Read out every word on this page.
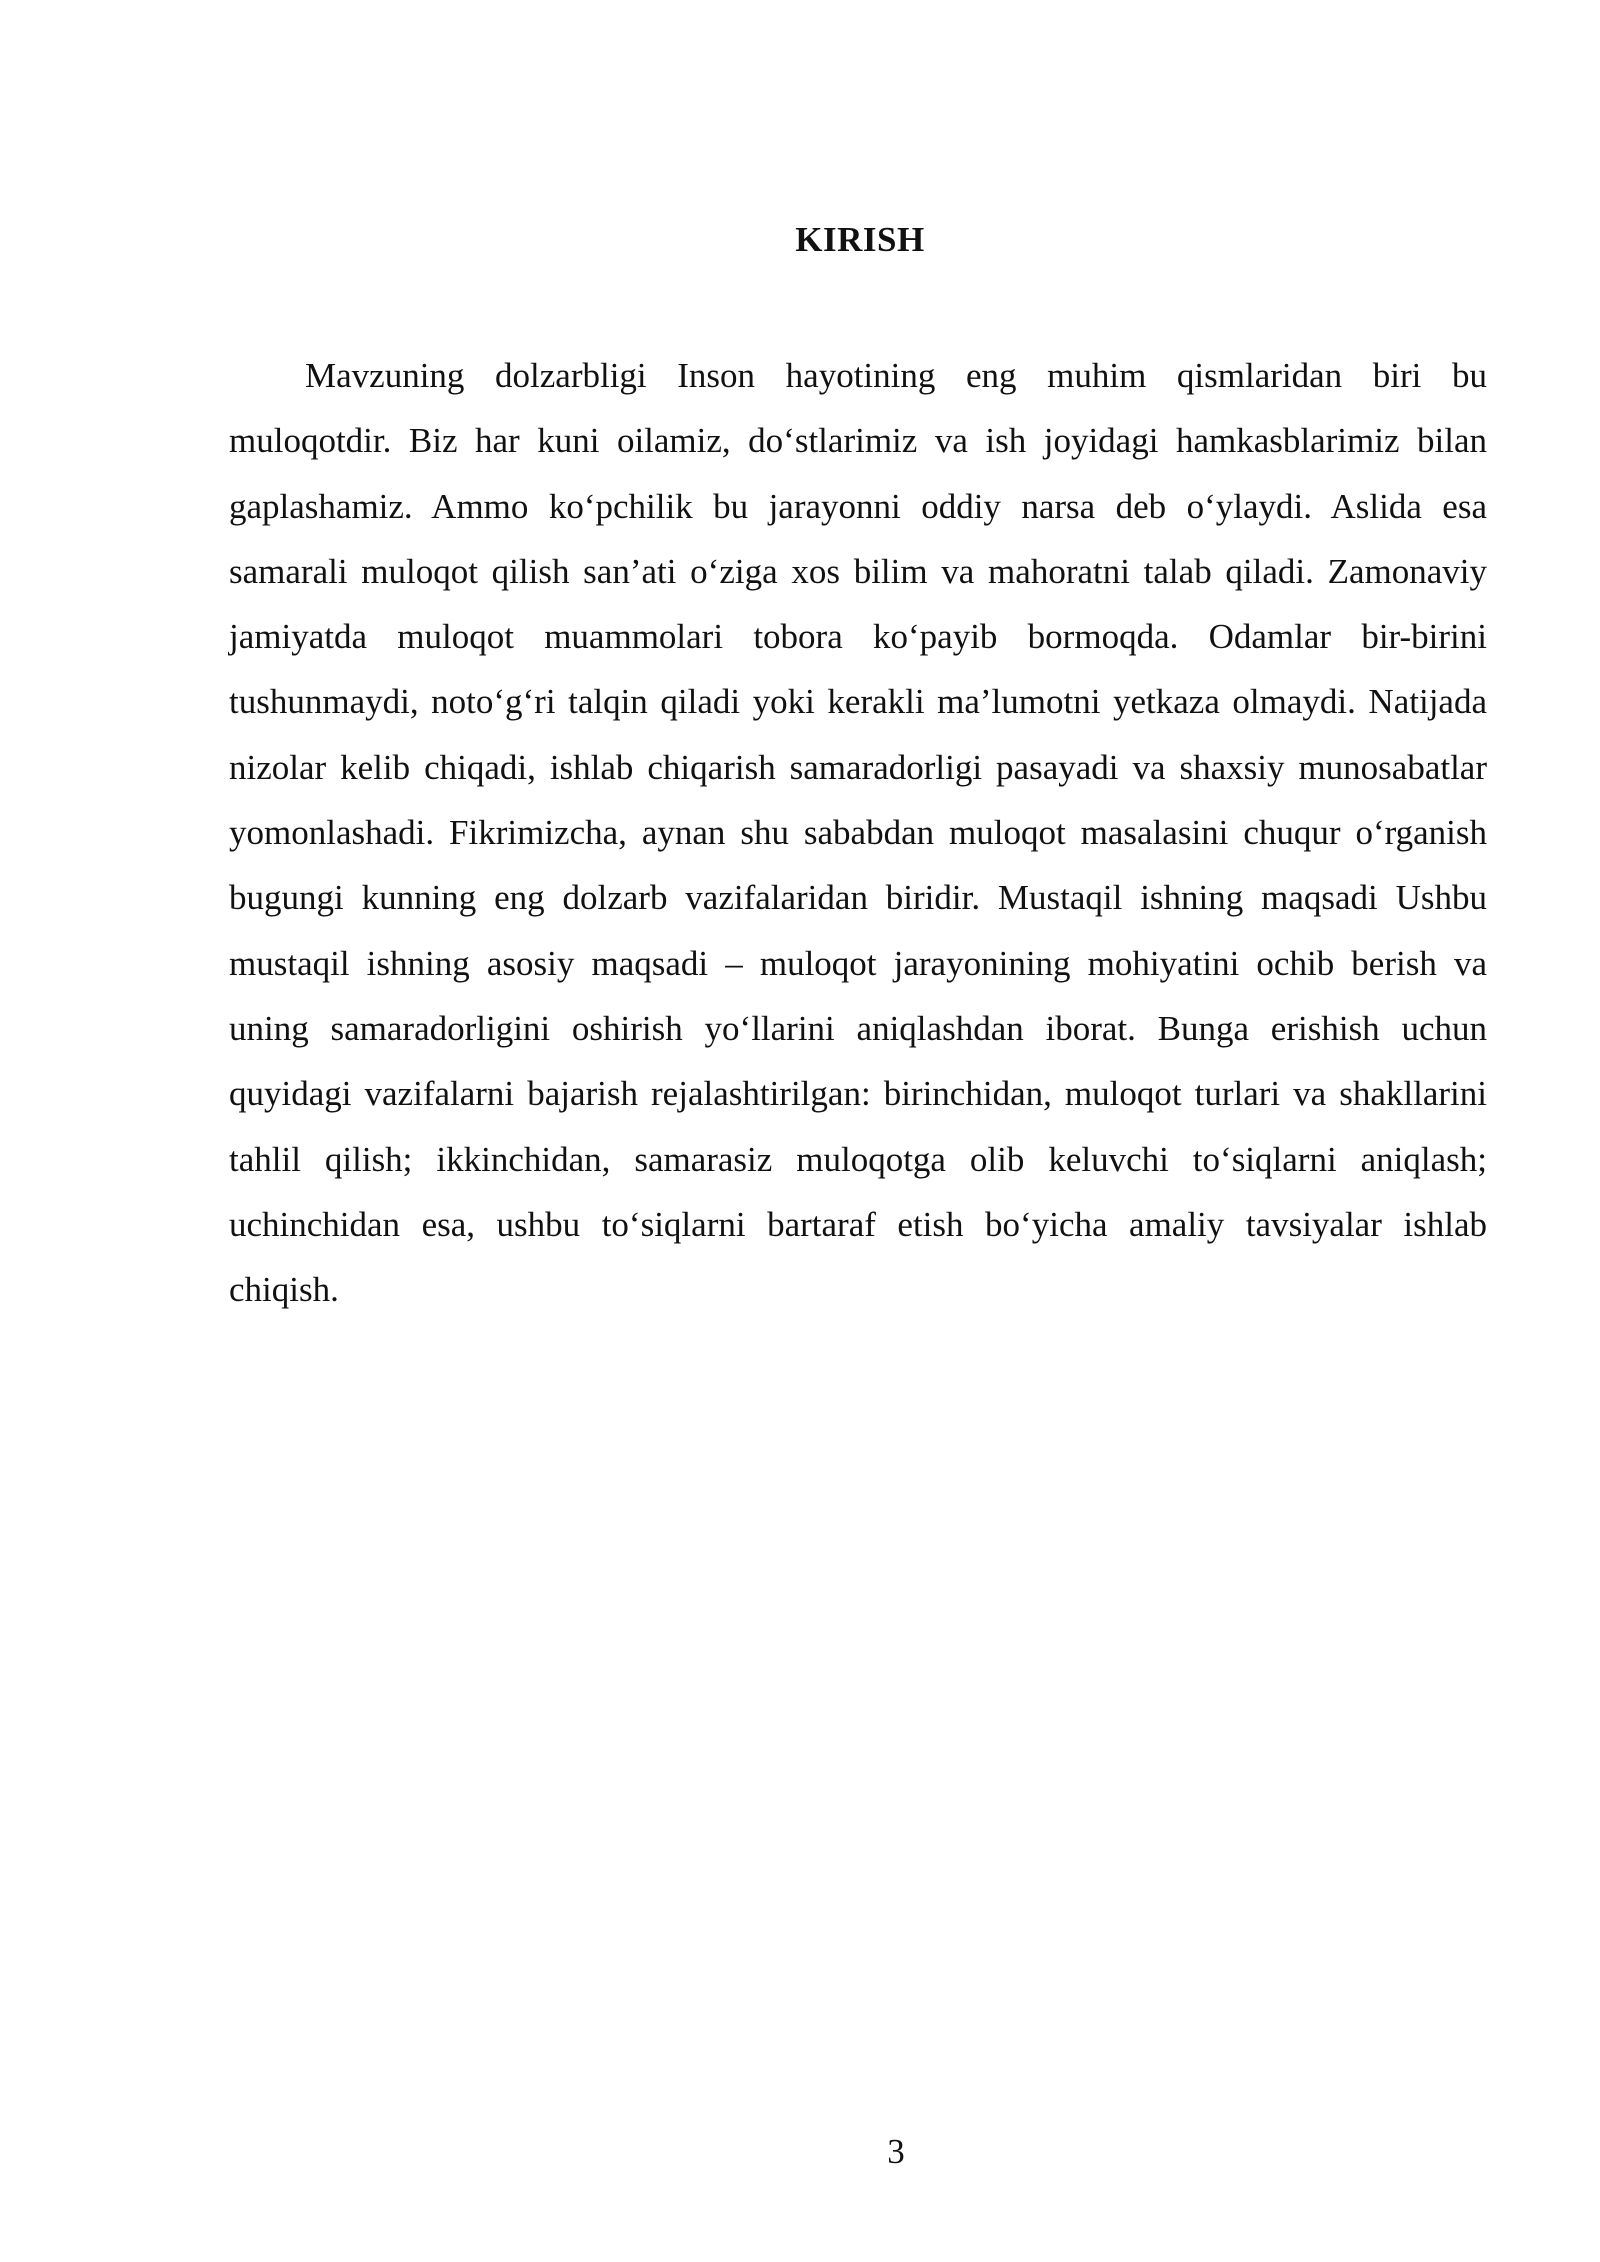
KIRISH

Mavzuning dolzarbligi Inson hayotining eng muhim qismlaridan biri bu muloqotdir. Biz har kuni oilamiz, do‘stlarimiz va ish joyidagi hamkasblarimiz bilan gaplashamiz. Ammo ko‘pchilik bu jarayonni oddiy narsa deb o‘ylaydi. Aslida esa samarali muloqot qilish san’ati o‘ziga xos bilim va mahoratni talab qiladi. Zamonaviy jamiyatda muloqot muammolari tobora ko‘payib bormoqda. Odamlar bir-birini tushunmaydi, noto‘g‘ri talqin qiladi yoki kerakli ma’lumotni yetkaza olmaydi. Natijada nizolar kelib chiqadi, ishlab chiqarish samaradorligi pasayadi va shaxsiy munosabatlar yomonlashadi. Fikrimizcha, aynan shu sababdan muloqot masalasini chuqur o‘rganish bugungi kunning eng dolzarb vazifalaridan biridir. Mustaqil ishning maqsadi Ushbu mustaqil ishning asosiy maqsadi – muloqot jarayonining mohiyatini ochib berish va uning samaradorligini oshirish yo‘llarini aniqlashdan iborat. Bunga erishish uchun quyidagi vazifalarni bajarish rejalashtirilgan: birinchidan, muloqot turlari va shakllarini tahlil qilish; ikkinchidan, samarasiz muloqotga olib keluvchi to‘siqlarni aniqlash; uchinchidan esa, ushbu to‘siqlarni bartaraf etish bo‘yicha amaliy tavsiyalar ishlab chiqish.

3
